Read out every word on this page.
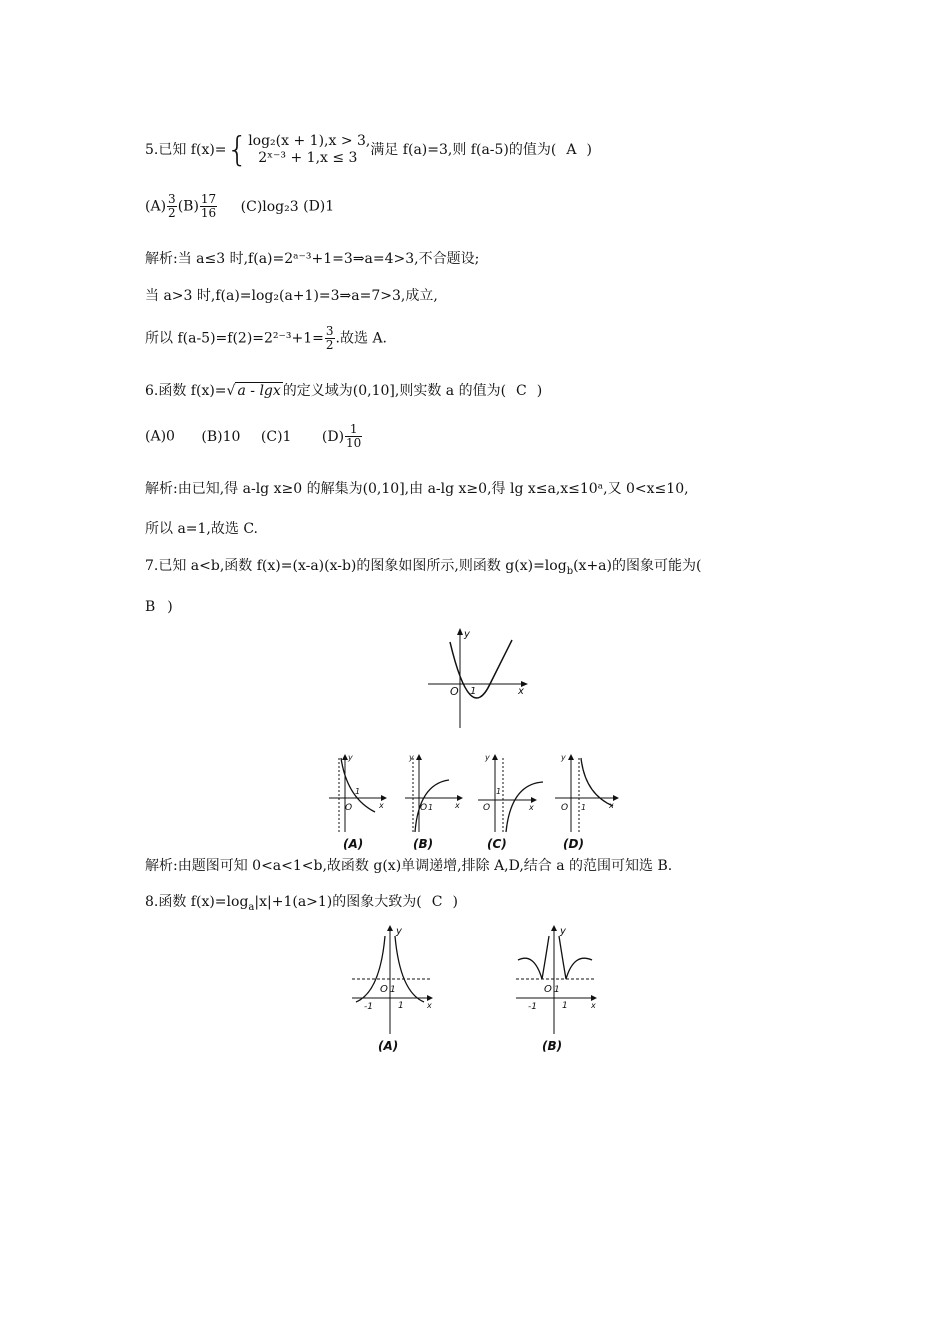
5.已知 f(x)={ log₂(x + 1),x > 3,
2ˣ⁻³ + 1,x ≤ 3 满足 f(a)=3,则 f(a-5)的值为( A )
$(A) \frac{3}{2} (B) \frac{17}{16} (C)\log_23$ (D)1
解析:当 a≤3 时,f(a)=2ᵃ⁻³+1=3⇒a=4>3,不合题设;
当 a>3 时,f(a)=log₂(a+1)=3⇒a=7>3,成立,
所以 $f(a-5)=f(2)=2^{2-3}+1= \frac{3}{2}$ .故选 A.
6.函数 f(x)=√ a - lgx 的定义域为(0,10],则实数 a 的值为( C )
(A)0 (B)10 (C)1 $(D) \frac{1}{10}$
解析:由已知,得 a-lg x≥0 的解集为(0,10],由 a-lg x≥0,得 lg x≤a,x≤10ᵃ,又 0<x≤10,
所以 a=1,故选 C.
7.已知 a<b,函数 f(x)=(x-a)(x-b)的图象如图所示,则函数 $g(x)=\log_b(x+a)$的图象可能为(
B )
y
x
O 1
y
x
O
1
y
x
O 1
y
x
O
1
y
x
O 1
(A)	(B)	(C)	(D)
解析:由题图可知 0<a<1<b,故函数 g(x)单调递增,排除 A,D,结合 a 的范围可知选 B.
8.函数 $f(x)=\log_a|x|+1(a>1)$的图象大致为( C )
y
x
O 1
-1	1
(A)
y
x
O 1
-1	1
(B)
